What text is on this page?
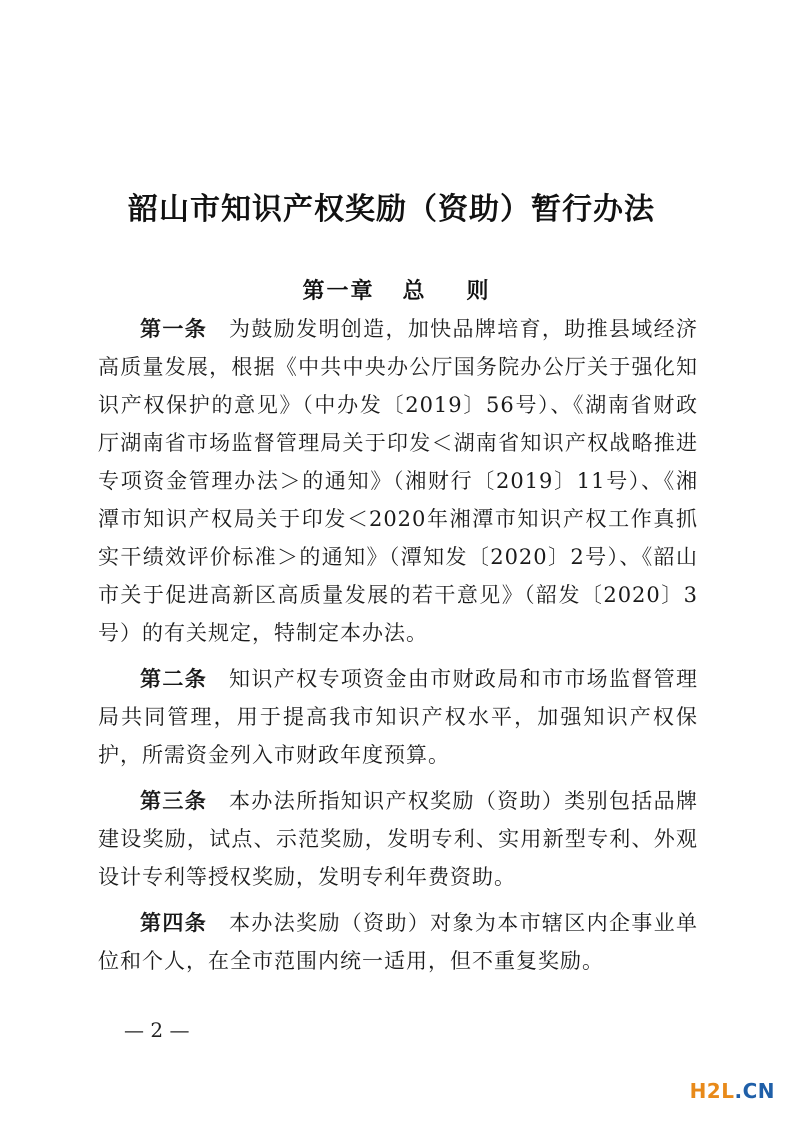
韶山市知识产权奖励（资助）暂行办法
第一章 总 则

第一条 为鼓励发明创造，加快品牌培育，助推县域经济高质量发展，根据《中共中央办公厅国务院办公厅关于强化知识产权保护的意见》（中办发〔2019〕56号）、《湖南省财政厅湖南省市场监督管理局关于印发＜湖南省知识产权战略推进专项资金管理办法＞的通知》（湘财行〔2019〕11号）、《湘潭市知识产权局关于印发＜2020年湘潭市知识产权工作真抓实干绩效评价标准＞的通知》（潭知发〔2020〕2号）、《韶山市关于促进高新区高质量发展的若干意见》（韶发〔2020〕3号）的有关规定，特制定本办法。

第二条 知识产权专项资金由市财政局和市市场监督管理局共同管理，用于提高我市知识产权水平，加强知识产权保护，所需资金列入市财政年度预算。

第三条 本办法所指知识产权奖励（资助）类别包括品牌建设奖励，试点、示范奖励，发明专利、实用新型专利、外观设计专利等授权奖励，发明专利年费资助。

第四条 本办法奖励（资助）对象为本市辖区内企事业单位和个人，在全市范围内统一适用，但不重复奖励。

— 2 —
H2L.CN
